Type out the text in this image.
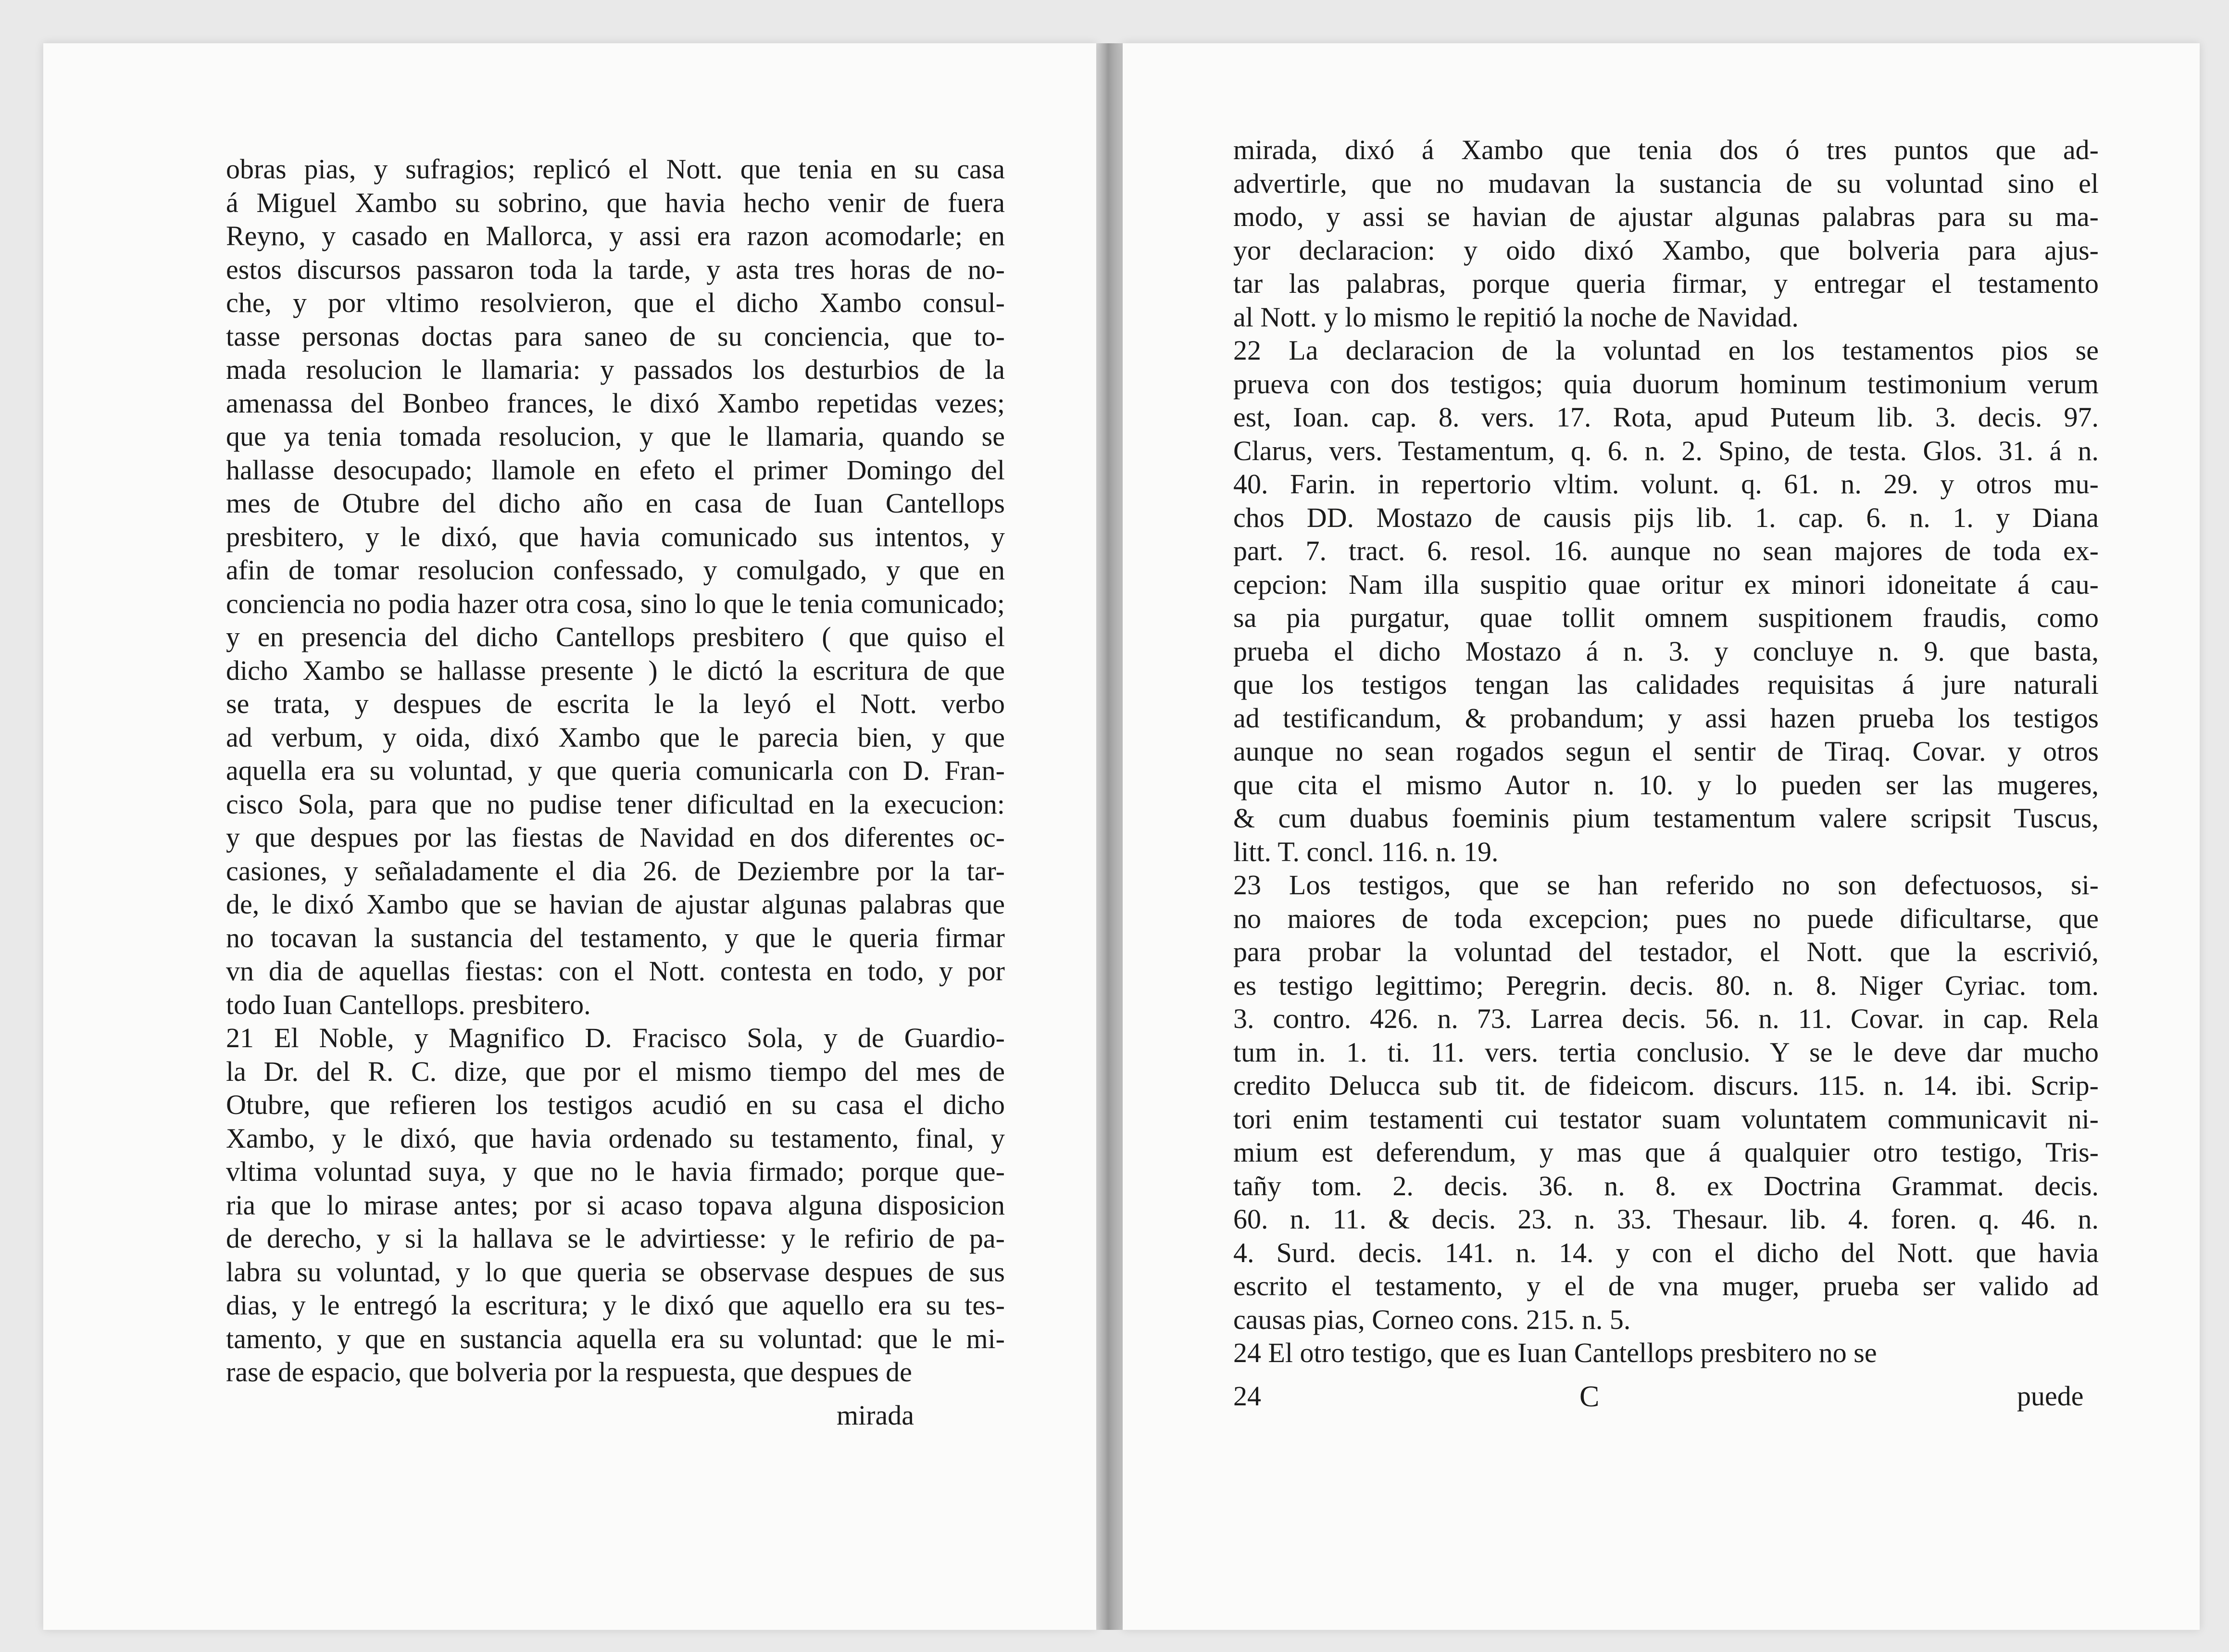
obras pias, y sufragios; replicó el Nott. que tenia en su casa
á Miguel Xambo su sobrino, que havia hecho venir de fuera
Reyno, y casado en Mallorca, y assi era razon acomodarle; en
estos discursos passaron toda la tarde, y asta tres horas de no-
che, y por vltimo resolvieron, que el dicho Xambo consul-
tasse personas doctas para saneo de su conciencia, que to-
mada resolucion le llamaria: y passados los desturbios de la
amenassa del Bonbeo frances, le dixó Xambo repetidas vezes;
que ya tenia tomada resolucion, y que le llamaria, quando se
hallasse desocupado; llamole en efeto el primer Domingo del
mes de Otubre del dicho año en casa de Iuan Cantellops
presbitero, y le dixó, que havia comunicado sus intentos, y
afin de tomar resolucion confessado, y comulgado, y que en
conciencia no podia hazer otra cosa, sino lo que le tenia comunicado;
y en presencia del dicho Cantellops presbitero ( que quiso el
dicho Xambo se hallasse presente ) le dictó la escritura de que
se trata, y despues de escrita le la leyó el Nott. verbo
ad verbum, y oida, dixó Xambo que le parecia bien, y que
aquella era su voluntad, y que queria comunicarla con D. Fran-
cisco Sola, para que no pudise tener dificultad en la execucion:
y que despues por las fiestas de Navidad en dos diferentes oc-
casiones, y señaladamente el dia 26. de Deziembre por la tar-
de, le dixó Xambo que se havian de ajustar algunas palabras que
no tocavan la sustancia del testamento, y que le queria firmar
vn dia de aquellas fiestas: con el Nott. contesta en todo, y por
todo Iuan Cantellops. presbitero.
21 El Noble, y Magnifico D. Fracisco Sola, y de Guardio-
la Dr. del R. C. dize, que por el mismo tiempo del mes de
Otubre, que refieren los testigos acudió en su casa el dicho
Xambo, y le dixó, que havia ordenado su testamento, final, y
vltima voluntad suya, y que no le havia firmado; porque que-
ria que lo mirase antes; por si acaso topava alguna disposicion
de derecho, y si la hallava se le advirtiesse: y le refirio de pa-
labra su voluntad, y lo que queria se observase despues de sus
dias, y le entregó la escritura; y le dixó que aquello era su tes-
tamento, y que en sustancia aquella era su voluntad: que le mi-
rase de espacio, que bolveria por la respuesta, que despues de
mirada
mirada, dixó á Xambo que tenia dos ó tres puntos que ad-
advertirle, que no mudavan la sustancia de su voluntad sino el
modo, y assi se havian de ajustar algunas palabras para su ma-
yor declaracion: y oido dixó Xambo, que bolveria para ajus-
tar las palabras, porque queria firmar, y entregar el testamento
al Nott. y lo mismo le repitió la noche de Navidad.
22 La declaracion de la voluntad en los testamentos pios se
prueva con dos testigos; quia duorum hominum testimonium verum
est, Ioan. cap. 8. vers. 17. Rota, apud Puteum lib. 3. decis. 97.
Clarus, vers. Testamentum, q. 6. n. 2. Spino, de testa. Glos. 31. á n.
40. Farin. in repertorio vltim. volunt. q. 61. n. 29. y otros mu-
chos DD. Mostazo de causis pijs lib. 1. cap. 6. n. 1. y Diana
part. 7. tract. 6. resol. 16. aunque no sean majores de toda ex-
cepcion: Nam illa suspitio quae oritur ex minori idoneitate á cau-
sa pia purgatur, quae tollit omnem suspitionem fraudis, como
prueba el dicho Mostazo á n. 3. y concluye n. 9. que basta,
que los testigos tengan las calidades requisitas á jure naturali
ad testificandum, & probandum; y assi hazen prueba los testigos
aunque no sean rogados segun el sentir de Tiraq. Covar. y otros
que cita el mismo Autor n. 10. y lo pueden ser las mugeres,
& cum duabus foeminis pium testamentum valere scripsit Tuscus,
litt. T. concl. 116. n. 19.
23 Los testigos, que se han referido no son defectuosos, si-
no maiores de toda excepcion; pues no puede dificultarse, que
para probar la voluntad del testador, el Nott. que la escrivió,
es testigo legittimo; Peregrin. decis. 80. n. 8. Niger Cyriac. tom.
3. contro. 426. n. 73. Larrea decis. 56. n. 11. Covar. in cap. Rela
tum in. 1. ti. 11. vers. tertia conclusio. Y se le deve dar mucho
credito Delucca sub tit. de fideicom. discurs. 115. n. 14. ibi. Scrip-
tori enim testamenti cui testator suam voluntatem communicavit ni-
mium est deferendum, y mas que á qualquier otro testigo, Tris-
tañy tom. 2. decis. 36. n. 8. ex Doctrina Grammat. decis.
60. n. 11. & decis. 23. n. 33. Thesaur. lib. 4. foren. q. 46. n.
4. Surd. decis. 141. n. 14. y con el dicho del Nott. que havia
escrito el testamento, y el de vna muger, prueba ser valido ad
causas pias, Corneo cons. 215. n. 5.
24 El otro testigo, que es Iuan Cantellops presbitero no se
24	C	puede
